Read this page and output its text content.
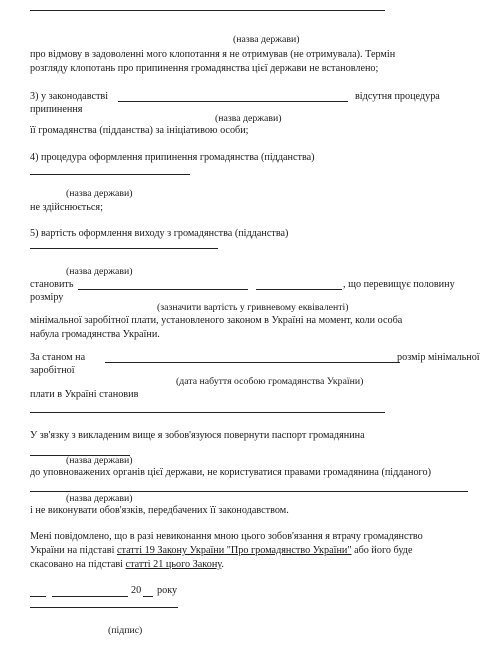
(назва держави)
про відмову в задоволенні мого клопотання я не отримував (не отримувала). Термін
розгляду клопотань про припинення громадянства цієї держави не встановлено;
3) у законодавстві	відсутня процедура
припинення
(назва держави)
її громадянства (підданства) за ініціативою особи;
4) процедура оформлення припинення громадянства (підданства)
(назва держави)
не здійснюється;
5) вартість оформлення виходу з громадянства (підданства)
(назва держави)
становить	, що перевищує половину
розміру
(зазначити вартість у гривневому еквіваленті)
мінімальної заробітної плати, установленого законом в Україні на момент, коли особа
набула громадянства України.
За станом на	розмір мінімальної
заробітної
(дата набуття особою громадянства України)
плати в Україні становив
У зв'язку з викладеним вище я зобов'язуюся повернути паспорт громадянина
(назва держави)
до уповноважених органів цієї держави, не користуватися правами громадянина (підданого)
(назва держави)
і не виконувати обов'язків, передбачених її законодавством.
Мені повідомлено, що в разі невиконання мною цього зобов'язання я втрачу громадянство
України на підставі статті 19 Закону України "Про громадянство України" або його буде
скасовано на підставі статті 21 цього Закону.
20 року
(підпис)
